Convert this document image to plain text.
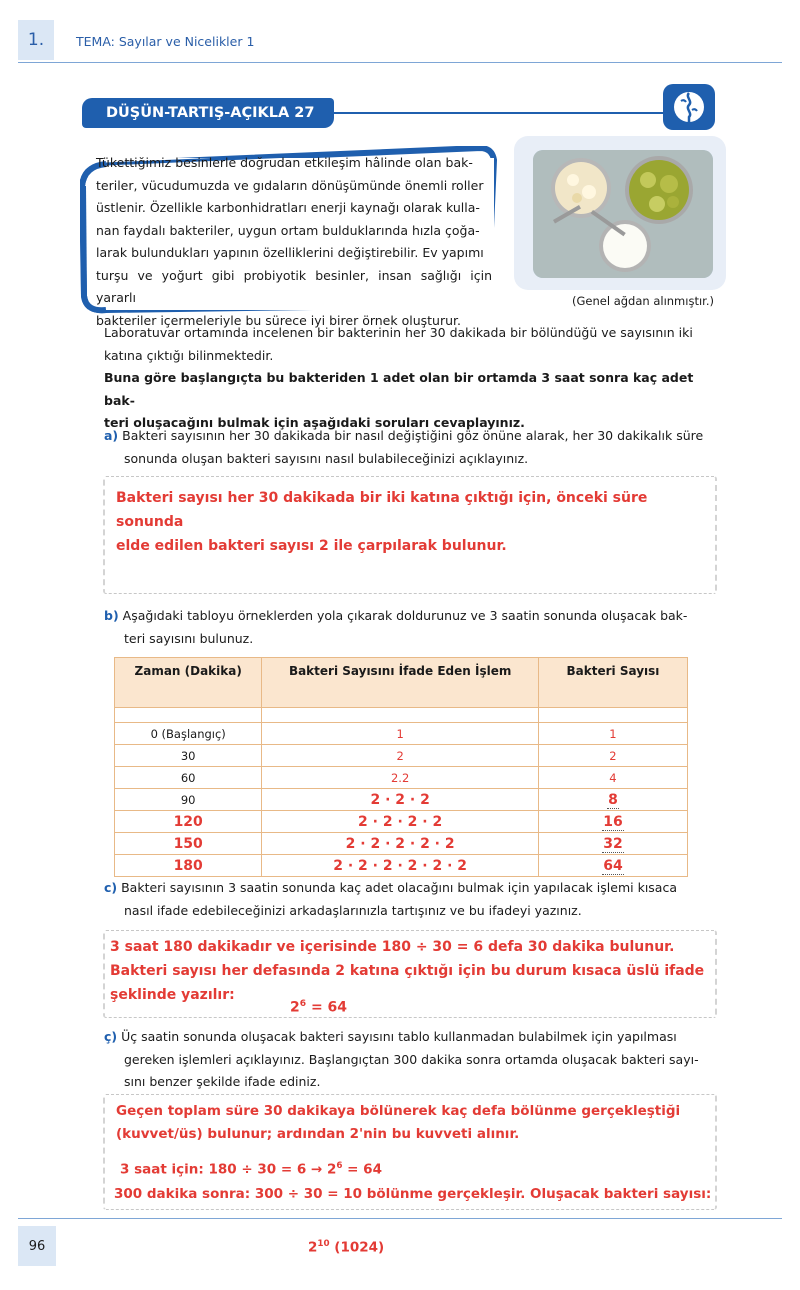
1.	TEMA: Sayılar ve Nicelikler 1
DÜŞÜN-TARTIŞ-AÇIKLA 27
Tükettiğimiz besinlerle doğrudan etkileşim hâlinde olan bak-
teriler, vücudumuzda ve gıdaların dönüşümünde önemli roller
üstlenir. Özellikle karbonhidratları enerji kaynağı olarak kulla-
nan faydalı bakteriler, uygun ortam bulduklarında hızla çoğa-
larak bulundukları yapının özelliklerini değiştirebilir. Ev yapımı
turşu ve yoğurt gibi probiyotik besinler, insan sağlığı için yararlı
bakteriler içermeleriyle bu sürece iyi birer örnek oluşturur.
(Genel ağdan alınmıştır.)
Laboratuvar ortamında incelenen bir bakterinin her 30 dakikada bir bölündüğü ve sayısının iki
katına çıktığı bilinmektedir.
Buna göre başlangıçta bu bakteriden 1 adet olan bir ortamda 3 saat sonra kaç adet bak-
teri oluşacağını bulmak için aşağıdaki soruları cevaplayınız.
a) Bakteri sayısının her 30 dakikada bir nasıl değiştiğini göz önüne alarak, her 30 dakikalık süre
sonunda oluşan bakteri sayısını nasıl bulabileceğinizi açıklayınız.
Bakteri sayısı her 30 dakikada bir iki katına çıktığı için, önceki süre sonunda
elde edilen bakteri sayısı 2 ile çarpılarak bulunur.
b) Aşağıdaki tabloyu örneklerden yola çıkarak doldurunuz ve 3 saatin sonunda oluşacak bak-
teri sayısını bulunuz.
Zaman (Dakika)	Bakteri Sayısını İfade Eden İşlem	Bakteri Sayısı

0 (Başlangıç)	1	1
30	2	2
60	2.2	4
90	2 · 2 · 2	8
120	2 · 2 · 2 · 2	16
150	2 · 2 · 2 · 2 · 2	32
180	2 · 2 · 2 · 2 · 2 · 2	64
c) Bakteri sayısının 3 saatin sonunda kaç adet olacağını bulmak için yapılacak işlemi kısaca
nasıl ifade edebileceğinizi arkadaşlarınızla tartışınız ve bu ifadeyi yazınız.
3 saat 180 dakikadır ve içerisinde 180 ÷ 30 = 6 defa 30 dakika bulunur.
Bakteri sayısı her defasında 2 katına çıktığı için bu durum kısaca üslü ifade
şeklinde yazılır:
$2^6 = 64$
ç) Üç saatin sonunda oluşacak bakteri sayısını tablo kullanmadan bulabilmek için yapılması
gereken işlemleri açıklayınız. Başlangıçtan 300 dakika sonra ortamda oluşacak bakteri sayı-
sını benzer şekilde ifade ediniz.
Geçen toplam süre 30 dakikaya bölünerek kaç defa bölünme gerçekleştiği
(kuvvet/üs) bulunur; ardından 2'nin bu kuvveti alınır.
3 saat için: $180 \div 30 = 6 \to 2^6 = 64$
300 dakika sonra: 300 ÷ 30 = 10 bölünme gerçekleşir. Oluşacak bakteri sayısı:
$2^{10}$ (1024)
96
